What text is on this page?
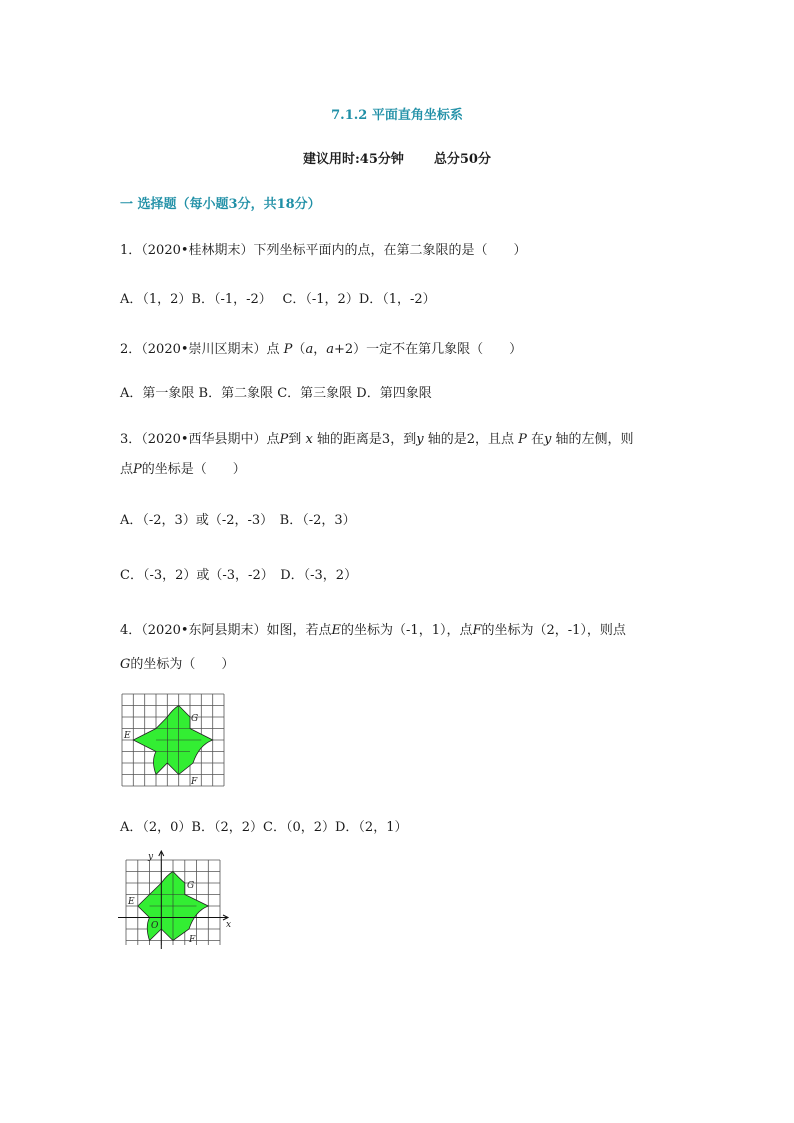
7.1.2 平面直角坐标系
建议用时:45分钟 总分50分
一 选择题（每小题3分，共18分）
1．（2020•桂林期末）下列坐标平面内的点，在第二象限的是（　　）
A．（1，2）B．（-1，-2）　 C．（-1，2）D．（1，-2）
2．（2020•崇川区期末）点 P（a，a+2）一定不在第几象限（　　）
A．第一象限 B．第二象限 C．第三象限 D．第四象限
3．（2020•西华县期中）点P到 x 轴的距离是3，到y 轴的是2，且点 P 在y 轴的左侧，则
点P的坐标是（　　）
A．（-2，3）或（-2，-3）　B．（-2，3）
C．（-3，2）或（-3，-2）　D．（-3，2）
4．（2020•东阿县期末）如图，若点E的坐标为（-1，1），点F的坐标为（2，-1），则点
G的坐标为（　　）
G
E
F
A．（2，0）B．（2，2）C．（0，2）D．（2，1）
G
E
F
O	x
y
